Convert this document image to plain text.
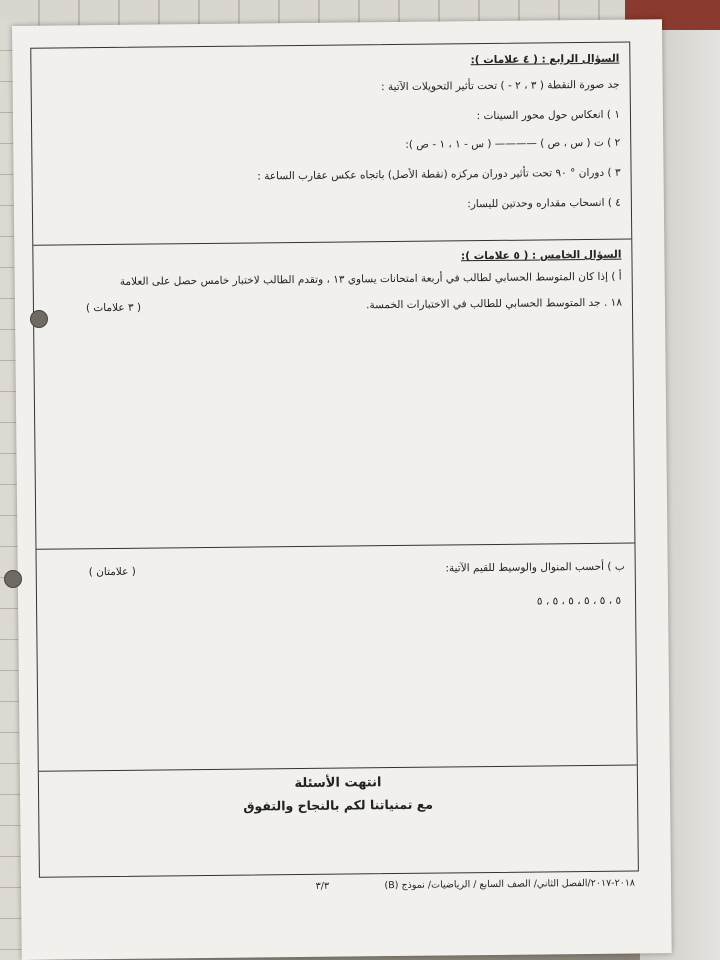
السؤال الرابع : ( ٤ علامات ):
جد صورة النقطة ( ٣ ، ٢ - ) تحت تأثير التحويلات الآتية :
١ ) انعكاس حول محور السينات :
٢ ) ت ( س ، ص ) ———— ( س - ١ ، ١ - ص ):
٣ ) دوران ° ٩٠ تحت تأثير دوران مركزه (نقطة الأصل) باتجاه عكس عقارب الساعة :
٤ ) انسحاب مقداره وحدتين لليسار:
السؤال الخامس : ( ٥ علامات ):
أ ) إذا كان المتوسط الحسابي لطالب في أربعة امتحانات يساوي ١٣ ، وتقدم الطالب لاختبار خامس حصل على العلامة
١٨ . جد المتوسط الحسابي للطالب في الاختبارات الخمسة.
( ٣ علامات )
ب ) أحسب المنوال والوسيط للقيم الآتية:
( علامتان )
٥ ، ٥ ، ٥ ، ٥ ، ٥ ، ٥
انتهت الأسئلة
مع تمنياتنا لكم بالنجاح والتفوق
٢٠١٨-٢٠١٧/الفصل الثاني/ الصف السابع / الرياضيات/ نموذج (B)
٣/٣
